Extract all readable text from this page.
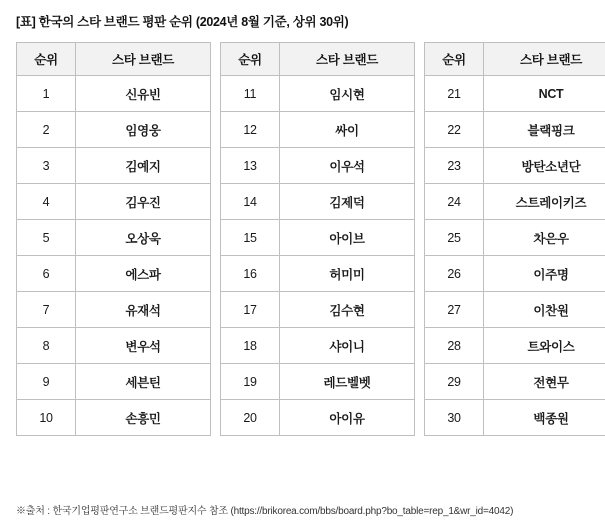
[표] 한국의 스타 브랜드 평판 순위 (2024년 8월 기준, 상위 30위)
순위	스타 브랜드
1	신유빈
2	임영웅
3	김예지
4	김우진
5	오상욱
6	에스파
7	유재석
8	변우석
9	세븐틴
10	손흥민
순위	스타 브랜드
11	임시현
12	싸이
13	이우석
14	김제덕
15	아이브
16	허미미
17	김수현
18	샤이니
19	레드벨벳
20	아이유
순위	스타 브랜드
21	NCT
22	블랙핑크
23	방탄소년단
24	스트레이키즈
25	차은우
26	이주명
27	이찬원
28	트와이스
29	전현무
30	백종원
※출처 : 한국기업평판연구소 브랜드평판지수 참조 (https://brikorea.com/bbs/board.php?bo_table=rep_1&wr_id=4042)
